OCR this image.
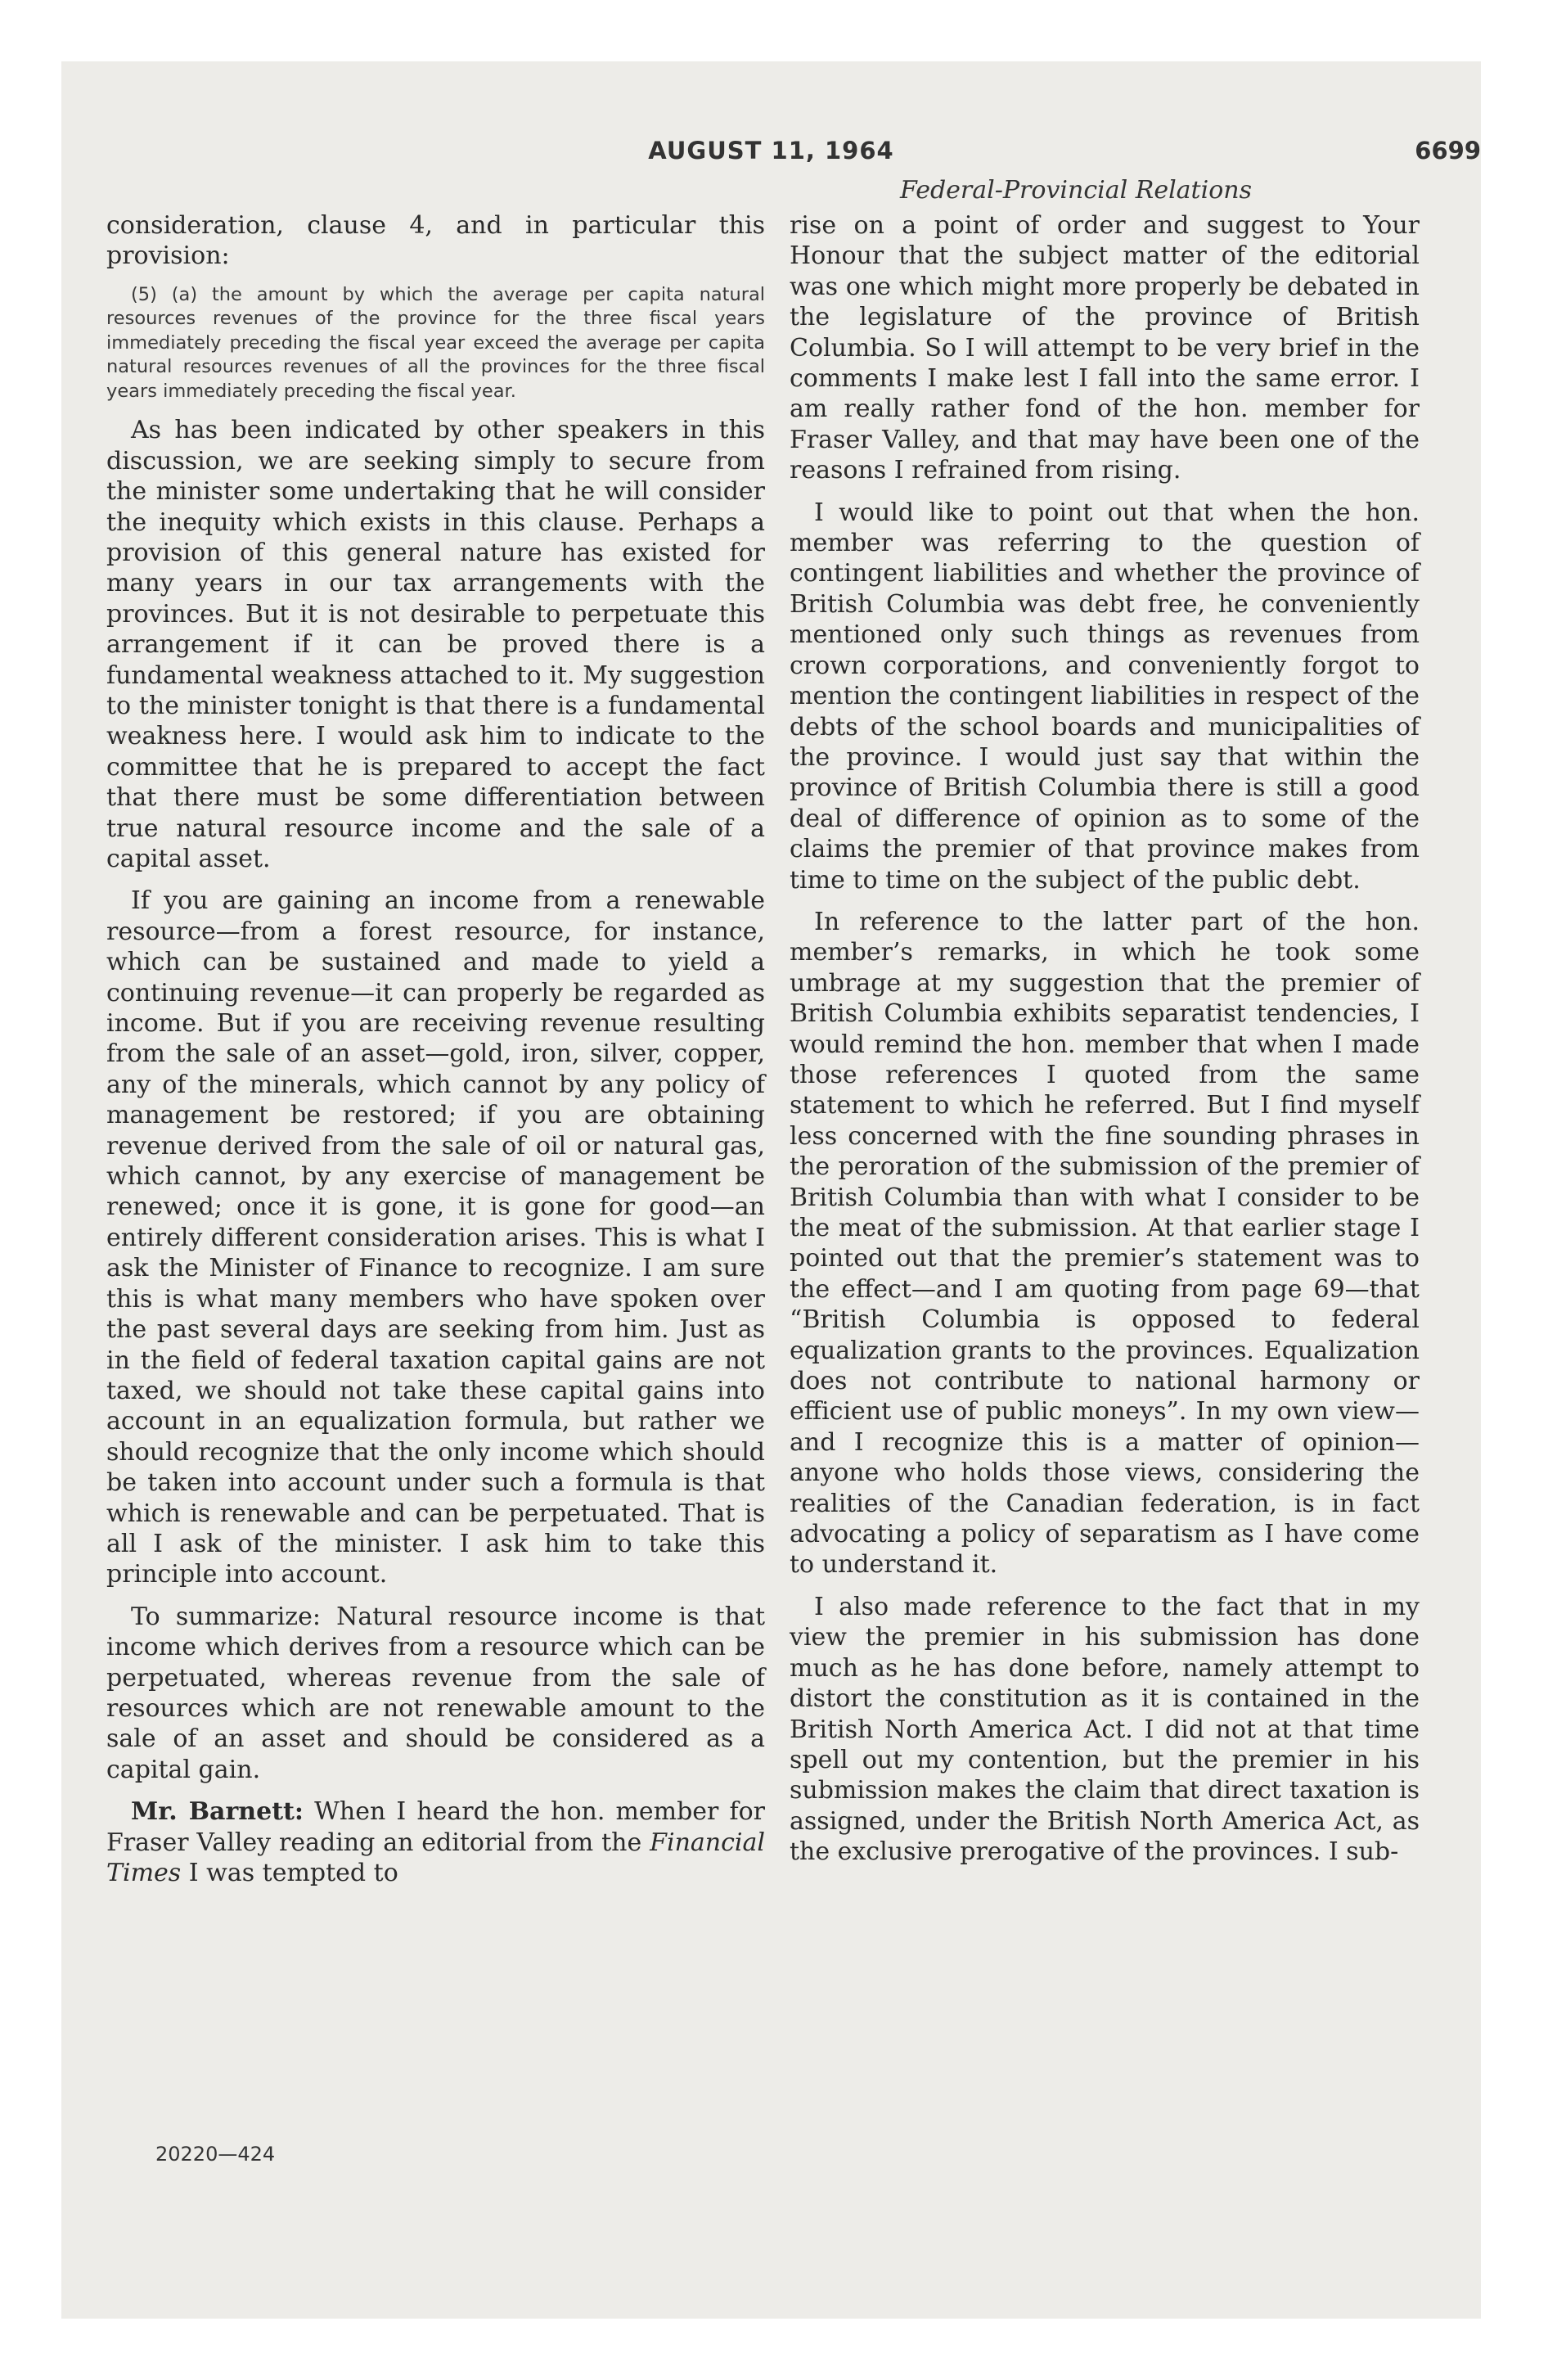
AUGUST 11, 1964	6699
Federal-Provincial Relations

consideration, clause 4, and in particular this provision:

(5) (a) the amount by which the average per capita natural resources revenues of the province for the three fiscal years immediately preceding the fiscal year exceed the average per capita natural resources revenues of all the provinces for the three fiscal years immediately preceding the fiscal year.

As has been indicated by other speakers in this discussion, we are seeking simply to secure from the minister some undertaking that he will consider the inequity which exists in this clause. Perhaps a provision of this general nature has existed for many years in our tax arrangements with the provinces. But it is not desirable to perpetuate this arrangement if it can be proved there is a fundamental weakness attached to it. My suggestion to the minister tonight is that there is a fundamental weakness here. I would ask him to indicate to the committee that he is prepared to accept the fact that there must be some differentiation between true natural resource income and the sale of a capital asset.

If you are gaining an income from a renewable resource—from a forest resource, for instance, which can be sustained and made to yield a continuing revenue—it can properly be regarded as income. But if you are receiving revenue resulting from the sale of an asset—gold, iron, silver, copper, any of the minerals, which cannot by any policy of management be restored; if you are obtaining revenue derived from the sale of oil or natural gas, which cannot, by any exercise of management be renewed; once it is gone, it is gone for good—an entirely different consideration arises. This is what I ask the Minister of Finance to recognize. I am sure this is what many members who have spoken over the past several days are seeking from him. Just as in the field of federal taxation capital gains are not taxed, we should not take these capital gains into account in an equalization formula, but rather we should recognize that the only income which should be taken into account under such a formula is that which is renewable and can be perpetuated. That is all I ask of the minister. I ask him to take this principle into account.

To summarize: Natural resource income is that income which derives from a resource which can be perpetuated, whereas revenue from the sale of resources which are not renewable amount to the sale of an asset and should be considered as a capital gain.

Mr. Barnett: When I heard the hon. member for Fraser Valley reading an editorial from the Financial Times I was tempted to

rise on a point of order and suggest to Your Honour that the subject matter of the editorial was one which might more properly be debated in the legislature of the province of British Columbia. So I will attempt to be very brief in the comments I make lest I fall into the same error. I am really rather fond of the hon. member for Fraser Valley, and that may have been one of the reasons I refrained from rising.

I would like to point out that when the hon. member was referring to the question of contingent liabilities and whether the province of British Columbia was debt free, he conveniently mentioned only such things as revenues from crown corporations, and conveniently forgot to mention the contingent liabilities in respect of the debts of the school boards and municipalities of the province. I would just say that within the province of British Columbia there is still a good deal of difference of opinion as to some of the claims the premier of that province makes from time to time on the subject of the public debt.

In reference to the latter part of the hon. member’s remarks, in which he took some umbrage at my suggestion that the premier of British Columbia exhibits separatist tendencies, I would remind the hon. member that when I made those references I quoted from the same statement to which he referred. But I find myself less concerned with the fine sounding phrases in the peroration of the submission of the premier of British Columbia than with what I consider to be the meat of the submission. At that earlier stage I pointed out that the premier’s statement was to the effect—and I am quoting from page 69—that “British Columbia is opposed to federal equalization grants to the provinces. Equalization does not contribute to national harmony or efficient use of public moneys”. In my own view—and I recognize this is a matter of opinion—anyone who holds those views, considering the realities of the Canadian federation, is in fact advocating a policy of separatism as I have come to understand it.

I also made reference to the fact that in my view the premier in his submission has done much as he has done before, namely attempt to distort the constitution as it is contained in the British North America Act. I did not at that time spell out my contention, but the premier in his submission makes the claim that direct taxation is assigned, under the British North America Act, as the exclusive prerogative of the provinces. I sub-

20220—424
